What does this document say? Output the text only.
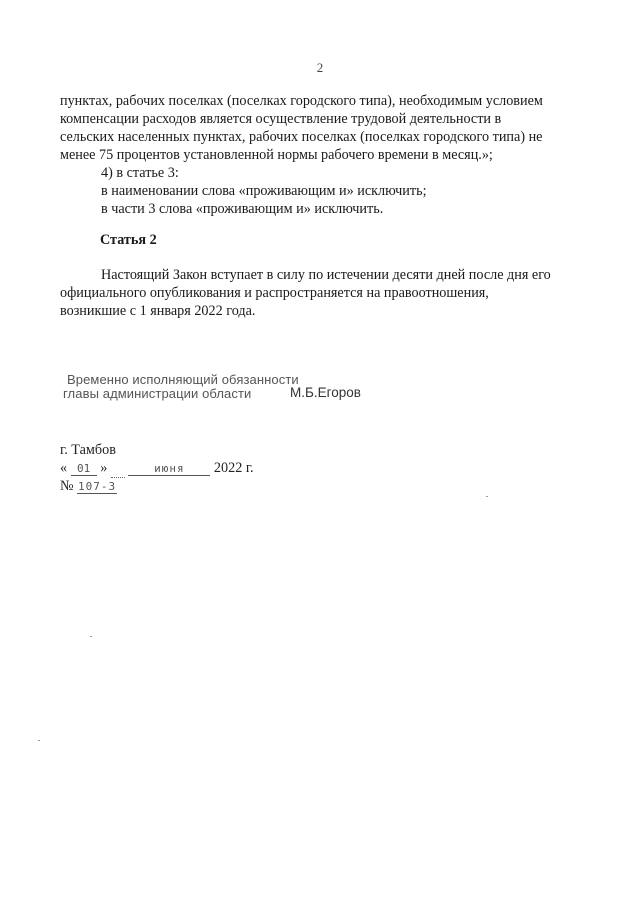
2

пунктах, рабочих поселках (поселках городского типа), необходимым условием

компенсации расходов является осуществление трудовой деятельности в

сельских населенных пунктах, рабочих поселках (поселках городского типа) не

менее 75 процентов установленной нормы рабочего времени в месяц.»;

4) в статье 3:

в наименовании слова «проживающим и» исключить;

в части 3 слова «проживающим и» исключить.

Статья 2

Настоящий Закон вступает в силу по истечении десяти дней после дня его

официального опубликования и распространяется на правоотношения,

возникшие с 1 января 2022 года.

Временно исполняющий обязанности
главы администрации области	М.Б.Егоров
г. Тамбов
« 01 »	июня 2022 г.
№ 107-З
